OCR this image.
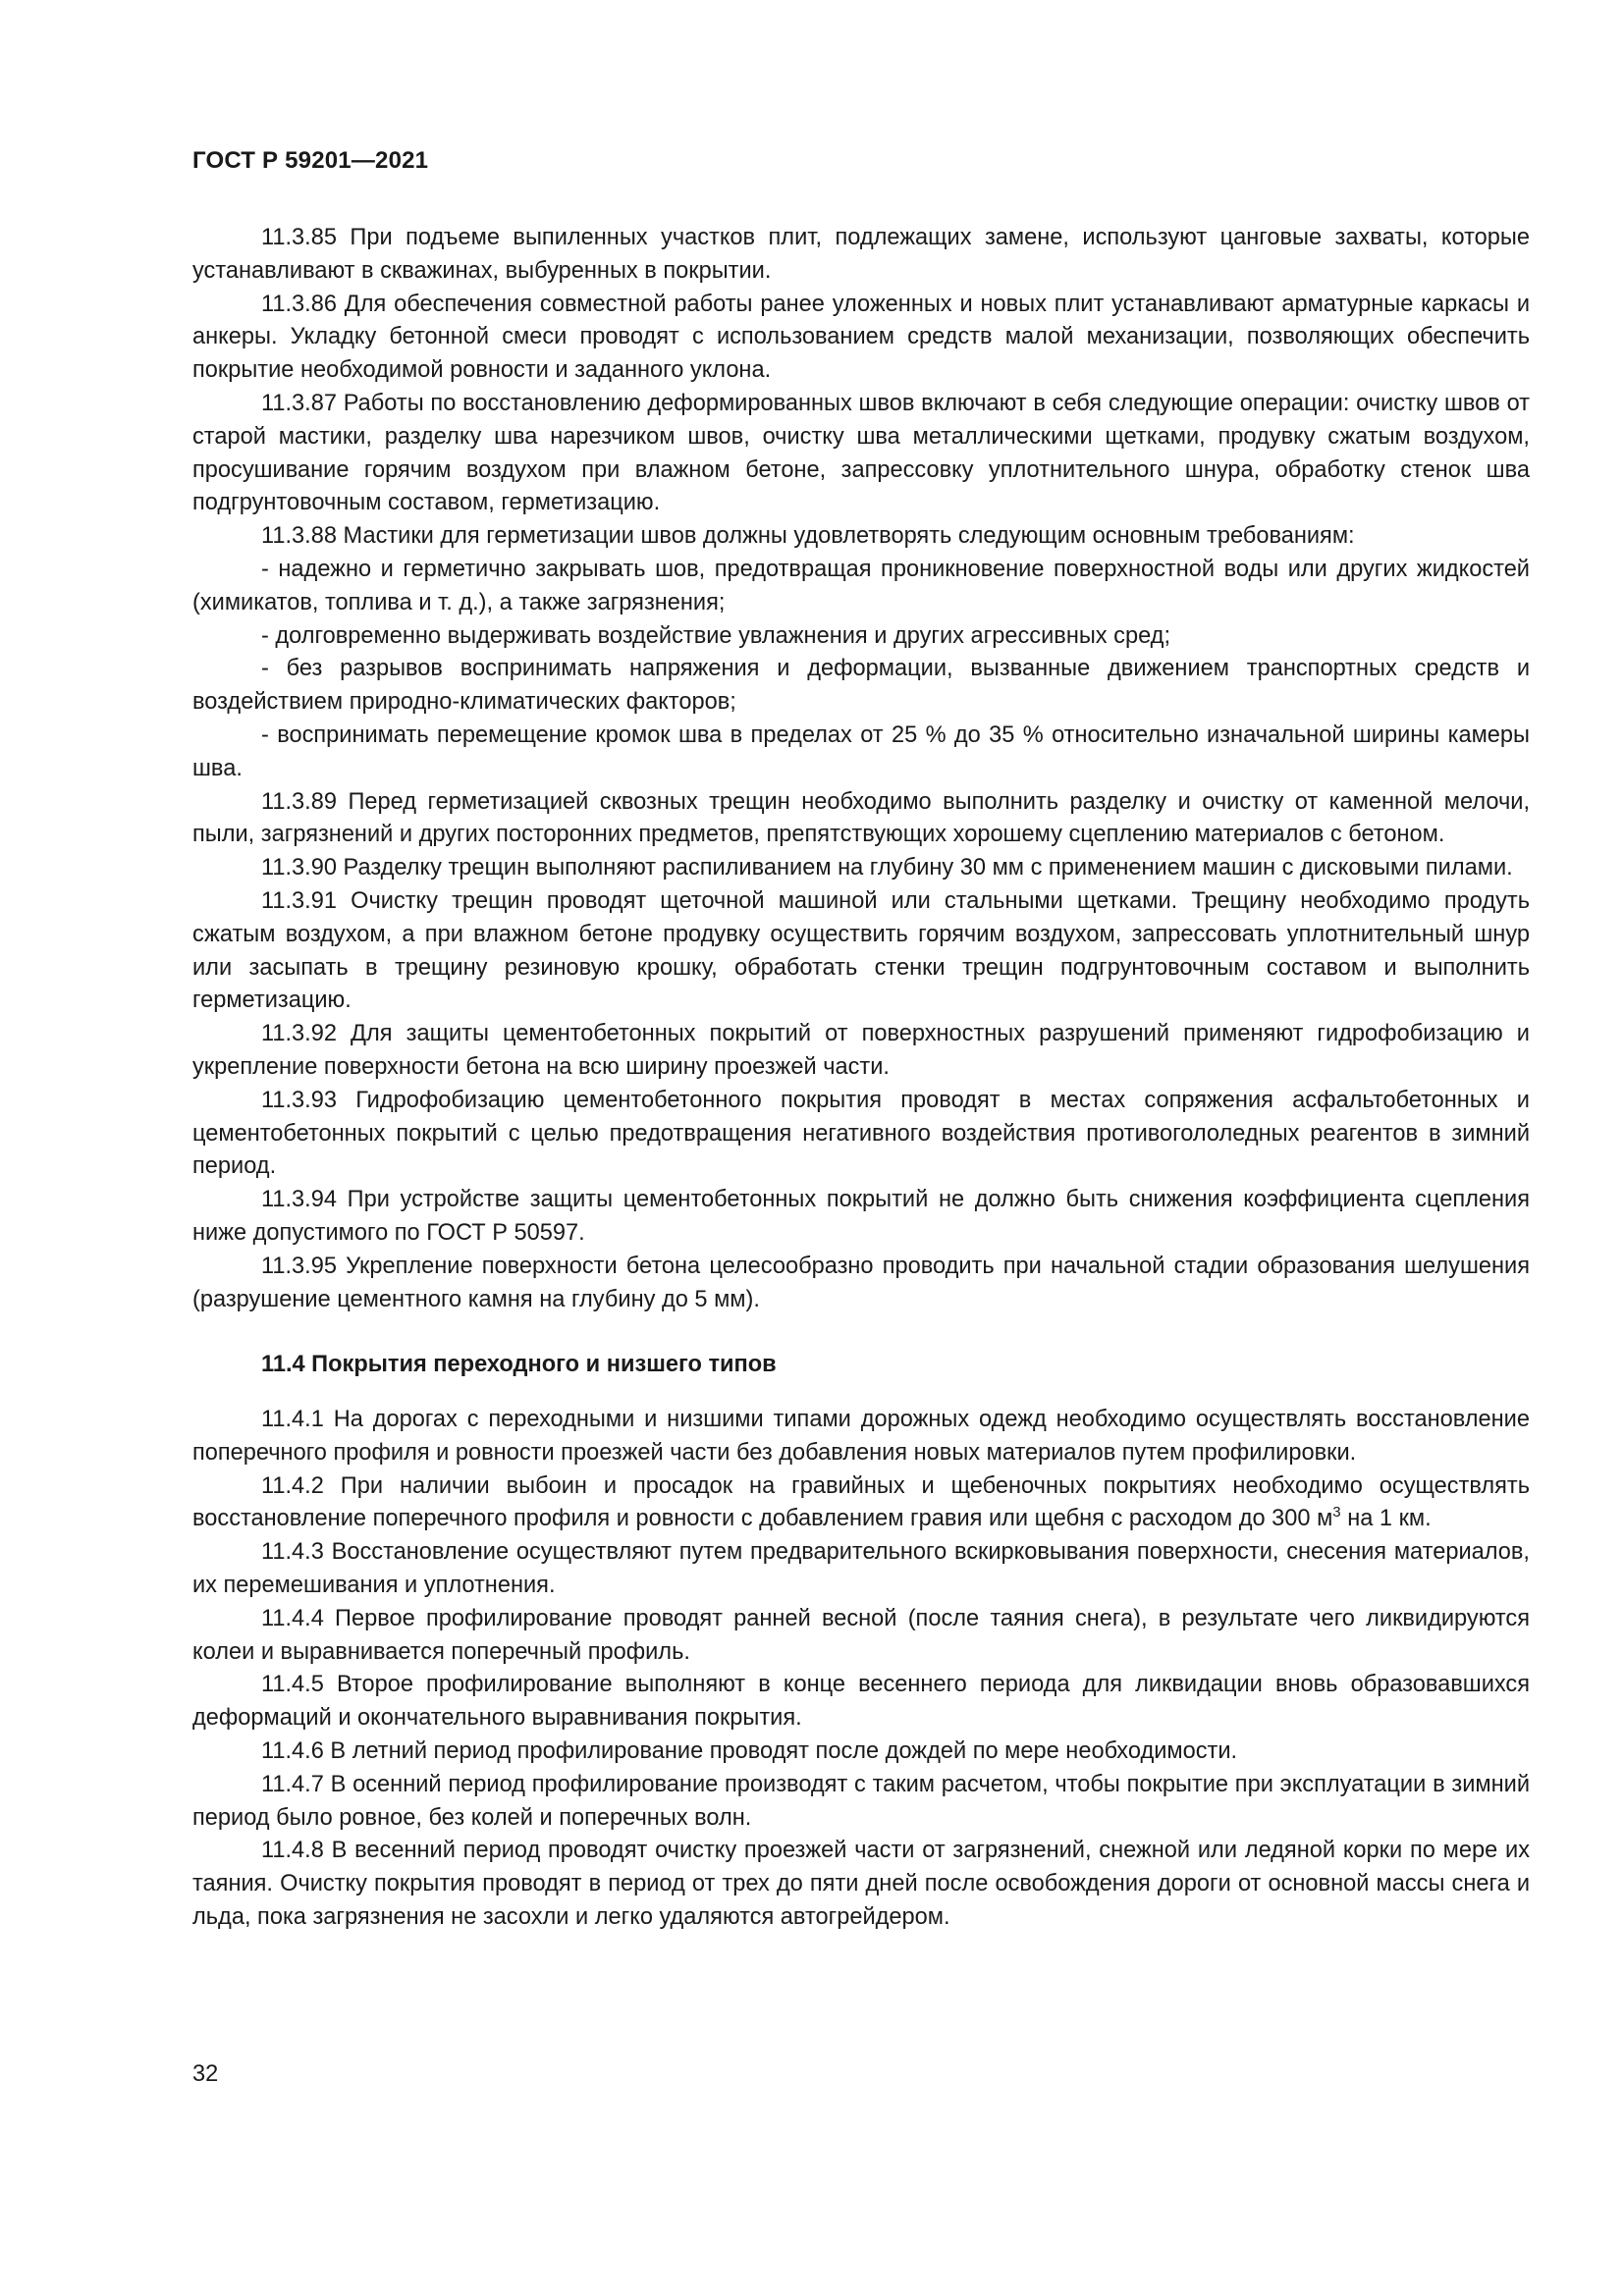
ГОСТ Р 59201—2021

11.3.85 При подъеме выпиленных участков плит, подлежащих замене, используют цанговые захваты, которые устанавливают в скважинах, выбуренных в покрытии.

11.3.86 Для обеспечения совместной работы ранее уложенных и новых плит устанавливают арматурные каркасы и анкеры. Укладку бетонной смеси проводят с использованием средств малой механизации, позволяющих обеспечить покрытие необходимой ровности и заданного уклона.

11.3.87 Работы по восстановлению деформированных швов включают в себя следующие операции: очистку швов от старой мастики, разделку шва нарезчиком швов, очистку шва металлическими щетками, продувку сжатым воздухом, просушивание горячим воздухом при влажном бетоне, запрессовку уплотнительного шнура, обработку стенок шва подгрунтовочным составом, герметизацию.

11.3.88 Мастики для герметизации швов должны удовлетворять следующим основным требованиям:

- надежно и герметично закрывать шов, предотвращая проникновение поверхностной воды или других жидкостей (химикатов, топлива и т. д.), а также загрязнения;

- долговременно выдерживать воздействие увлажнения и других агрессивных сред;

- без разрывов воспринимать напряжения и деформации, вызванные движением транспортных средств и воздействием природно-климатических факторов;

- воспринимать перемещение кромок шва в пределах от 25 % до 35 % относительно изначальной ширины камеры шва.

11.3.89 Перед герметизацией сквозных трещин необходимо выполнить разделку и очистку от каменной мелочи, пыли, загрязнений и других посторонних предметов, препятствующих хорошему сцеплению материалов с бетоном.

11.3.90 Разделку трещин выполняют распиливанием на глубину 30 мм с применением машин с дисковыми пилами.

11.3.91 Очистку трещин проводят щеточной машиной или стальными щетками. Трещину необходимо продуть сжатым воздухом, а при влажном бетоне продувку осуществить горячим воздухом, запрессовать уплотнительный шнур или засыпать в трещину резиновую крошку, обработать стенки трещин подгрунтовочным составом и выполнить герметизацию.

11.3.92 Для защиты цементобетонных покрытий от поверхностных разрушений применяют гидрофобизацию и укрепление поверхности бетона на всю ширину проезжей части.

11.3.93 Гидрофобизацию цементобетонного покрытия проводят в местах сопряжения асфальтобетонных и цементобетонных покрытий с целью предотвращения негативного воздействия противогололедных реагентов в зимний период.

11.3.94 При устройстве защиты цементобетонных покрытий не должно быть снижения коэффициента сцепления ниже допустимого по ГОСТ Р 50597.

11.3.95 Укрепление поверхности бетона целесообразно проводить при начальной стадии образования шелушения (разрушение цементного камня на глубину до 5 мм).

11.4 Покрытия переходного и низшего типов

11.4.1 На дорогах с переходными и низшими типами дорожных одежд необходимо осуществлять восстановление поперечного профиля и ровности проезжей части без добавления новых материалов путем профилировки.

11.4.2 При наличии выбоин и просадок на гравийных и щебеночных покрытиях необходимо осуществлять восстановление поперечного профиля и ровности с добавлением гравия или щебня с расходом до 300 $м^3$ на 1 км.

11.4.3 Восстановление осуществляют путем предварительного вскирковывания поверхности, снесения материалов, их перемешивания и уплотнения.

11.4.4 Первое профилирование проводят ранней весной (после таяния снега), в результате чего ликвидируются колеи и выравнивается поперечный профиль.

11.4.5 Второе профилирование выполняют в конце весеннего периода для ликвидации вновь образовавшихся деформаций и окончательного выравнивания покрытия.

11.4.6 В летний период профилирование проводят после дождей по мере необходимости.

11.4.7 В осенний период профилирование производят с таким расчетом, чтобы покрытие при эксплуатации в зимний период было ровное, без колей и поперечных волн.

11.4.8 В весенний период проводят очистку проезжей части от загрязнений, снежной или ледяной корки по мере их таяния. Очистку покрытия проводят в период от трех до пяти дней после освобождения дороги от основной массы снега и льда, пока загрязнения не засохли и легко удаляются автогрейдером.

32
